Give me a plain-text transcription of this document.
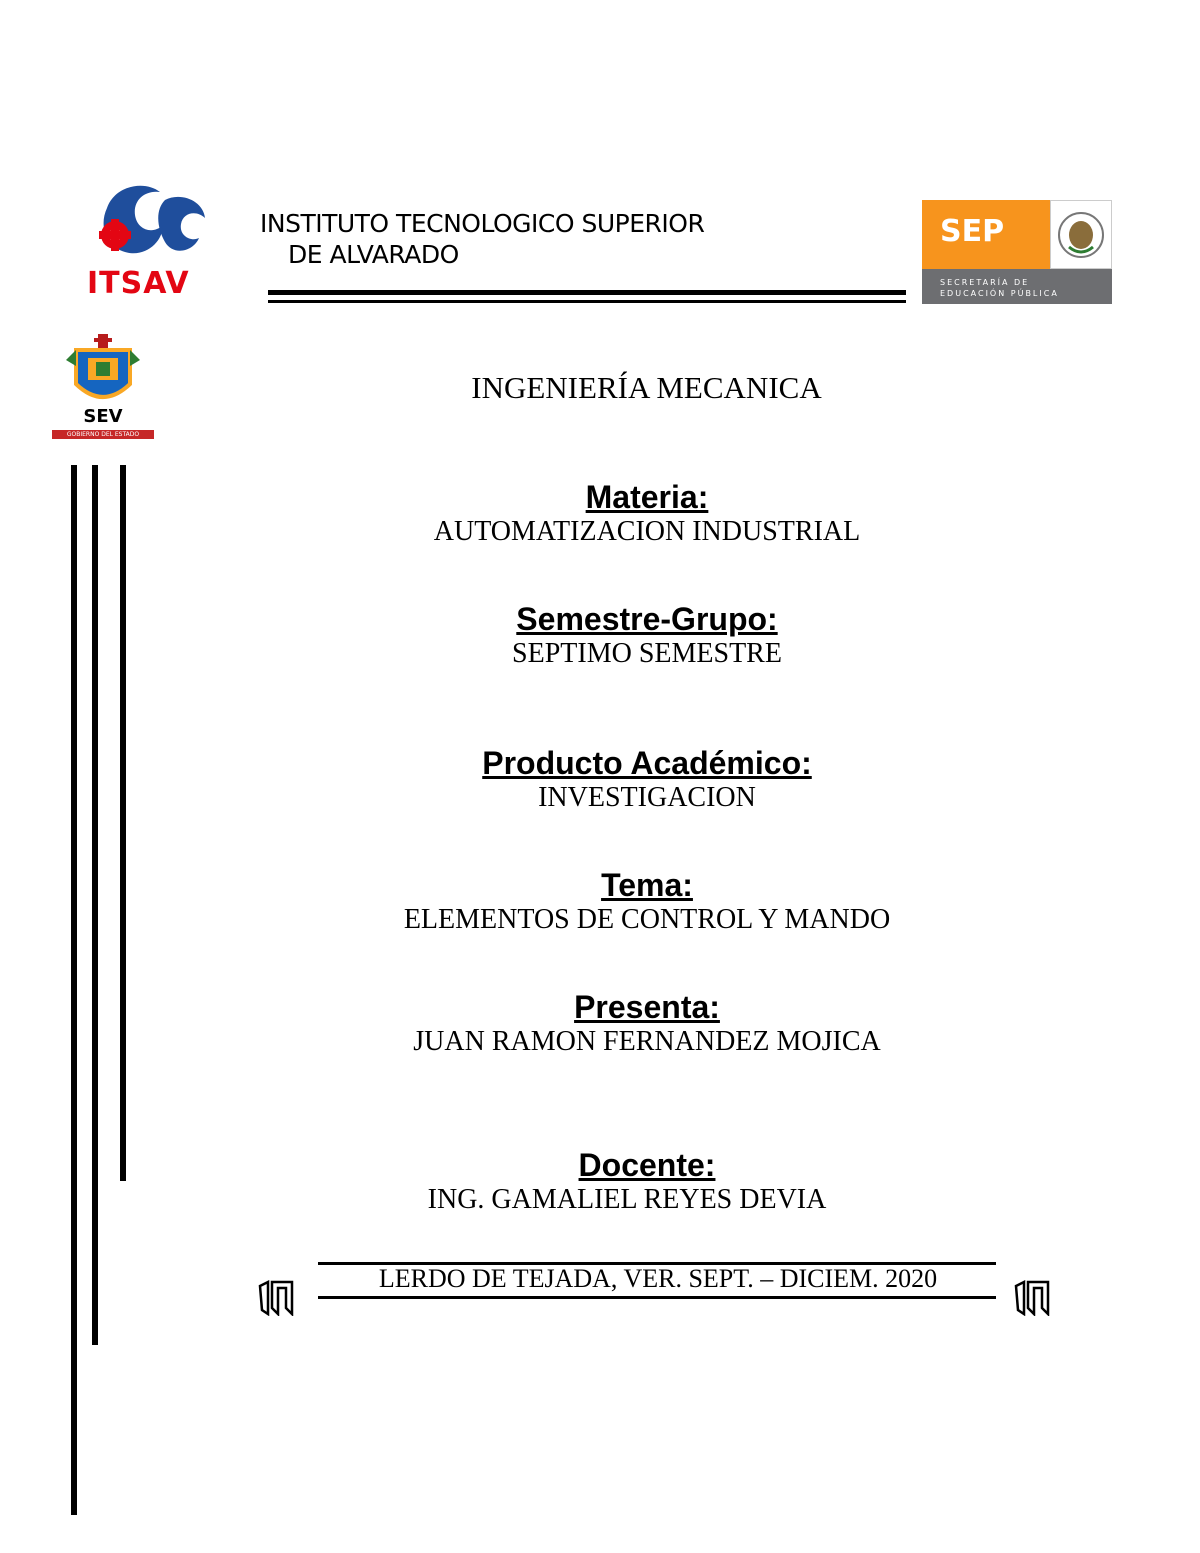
ITSAV
INSTITUTO TECNOLOGICO SUPERIOR
DE ALVARADO
SEP
SECRETARÍA DE
EDUCACIÓN PÚBLICA
SEV
GOBIERNO DEL ESTADO
INGENIERÍA MECANICA
Materia:
AUTOMATIZACION INDUSTRIAL
Semestre-Grupo:
SEPTIMO SEMESTRE
Producto Académico:
INVESTIGACION
Tema:
ELEMENTOS DE CONTROL Y MANDO
Presenta:
JUAN RAMON FERNANDEZ MOJICA
Docente:
ING. GAMALIEL REYES DEVIA
LERDO DE TEJADA, VER. SEPT. – DICIEM. 2020
